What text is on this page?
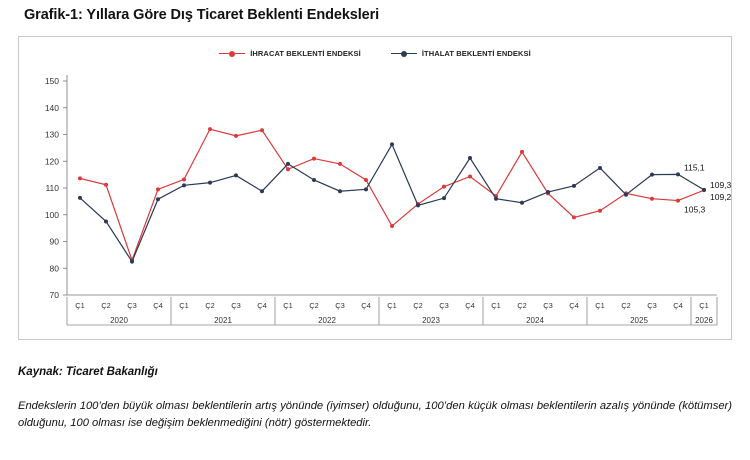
Grafik-1: Yıllara Göre Dış Ticaret Beklenti Endeksleri
İHRACAT BEKLENTİ ENDEKSİ	İTHALAT BEKLENTİ ENDEKSİ
70
80
90
100
110
120
130
140
150
Ç1 Ç2 Ç3 Ç4 Ç1 Ç2 Ç3 Ç4 Ç1 Ç2 Ç3 Ç4 Ç1 Ç2 Ç3 Ç4 Ç1 Ç2 Ç3 Ç4 Ç1 Ç2 Ç3 Ç4 Ç1
2020	2021	2022	2023	2024	2025	2026
115,1
105,3
109,3
109,2
Kaynak: Ticaret Bakanlığı
Endekslerin 100’den büyük olması beklentilerin artış yönünde (iyimser) olduğunu, 100’den küçük olması beklentilerin azalış yönünde (kötümser) olduğunu, 100 olması ise değişim beklenmediğini (nötr) göstermektedir.
